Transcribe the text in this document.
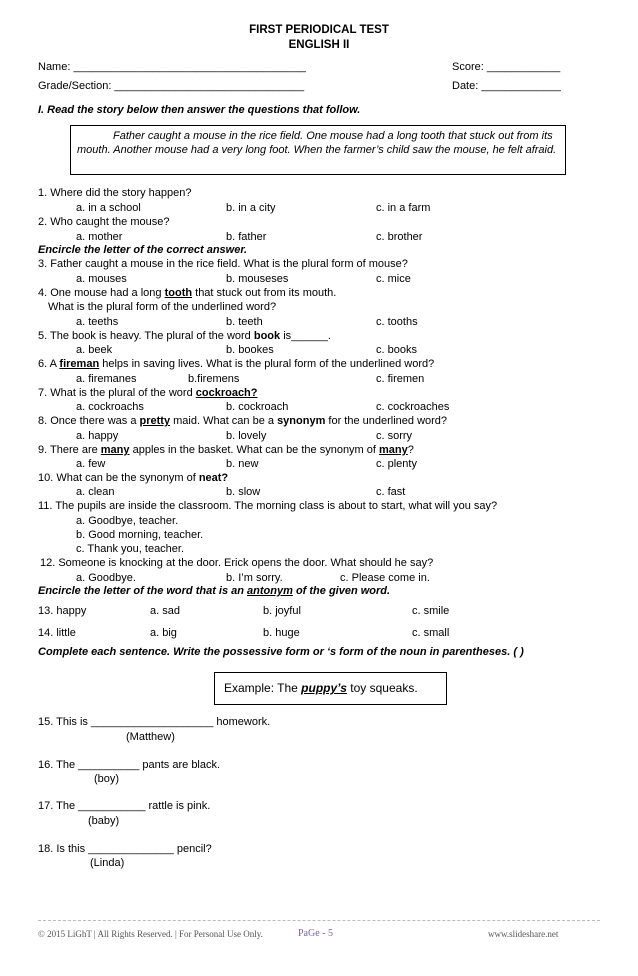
FIRST PERIODICAL TEST
ENGLISH II
Name: ______________________________________	Score: ____________
Grade/Section: _______________________________	Date: _____________
I. Read the story below then answer the questions that follow.
Father caught a mouse in the rice field. One mouse had a long tooth that stuck out from its mouth. Another mouse had a very long foot. When the farmer’s child saw the mouse, he felt afraid.
1. Where did the story happen?
a. in a school	b. in a city	c. in a farm
2. Who caught the mouse?
a. mother	b. father	c. brother
Encircle the letter of the correct answer.
3. Father caught a mouse in the rice field. What is the plural form of mouse?
a. mouses	b. mouseses	c. mice
4. One mouse had a long tooth that stuck out from its mouth.
What is the plural form of the underlined word?
a. teeths	b. teeth	c. tooths
5. The book is heavy. The plural of the word book is______.
a. beek	b. bookes	c. books
6. A fireman helps in saving lives. What is the plural form of the underlined word?
a. firemanes	b.firemens	c. firemen
7. What is the plural of the word cockroach?
a. cockroachs	b. cockroach	c. cockroaches
8. Once there was a pretty maid. What can be a synonym for the underlined word?
a. happy	b. lovely	c. sorry
9. There are many apples in the basket. What can be the synonym of many?
a. few	b. new	c. plenty
10. What can be the synonym of neat?
a. clean	b. slow	c. fast
11. The pupils are inside the classroom. The morning class is about to start, what will you say?
a. Goodbye, teacher.
b. Good morning, teacher.
c. Thank you, teacher.
12. Someone is knocking at the door. Erick opens the door. What should he say?
a. Goodbye.	b. I’m sorry.	c. Please come in.
Encircle the letter of the word that is an antonym of the given word.
13. happy	a. sad	b. joyful	c. smile
14. little	a. big	b. huge	c. small
Complete each sentence. Write the possessive form or ‘s form of the noun in parentheses. ( )
Example: The puppy’s toy squeaks.
15. This is ____________________ homework.
(Matthew)
16. The __________ pants are black.
(boy)
17. The ___________ rattle is pink.
(baby)
18. Is this ______________ pencil?
(Linda)
© 2015 LiGhT | All Rights Reserved. | For Personal Use Only.	PaGe - 5	www.slideshare.net
